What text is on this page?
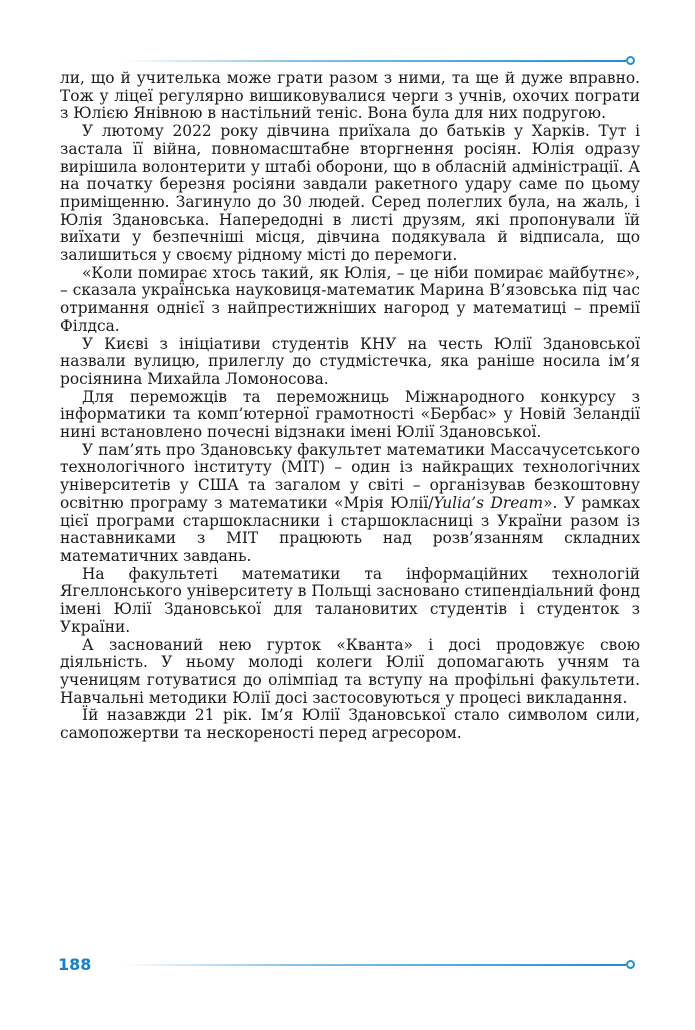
ли, що й учителька може грати разом з ними, та ще й дуже вправно. Тож у ліцеї регулярно вишиковувалися черги з учнів, охочих пограти з Юлією Янівною в настільний теніс. Вона була для них подругою.

У лютому 2022 року дівчина приїхала до батьків у Харків. Тут і застала її війна, повномасштабне вторгнення росіян. Юлія одразу вирішила волонтерити у штабі оборони, що в обласній адміністрації. А на початку березня росіяни завдали ракетного удару саме по цьому приміщенню. Загинуло до 30 людей. Серед полеглих була, на жаль, і Юлія Здановська. Напередодні в листі друзям, які пропонували їй виїхати у безпечніші місця, дівчина подякувала й відписала, що залишиться у своєму рідному місті до перемоги.

«Коли помирає хтось такий, як Юлія, – це ніби помирає майбутнє», – сказала українська науковиця-математик Марина В’язовська під час отримання однієї з найпрестижніших нагород у математиці – премії Філдса.

У Києві з ініціативи студентів КНУ на честь Юлії Здановської назвали вулицю, прилеглу до студмістечка, яка раніше носила ім’я росіянина Михайла Ломоносова.

Для переможців та переможниць Міжнародного конкурсу з інформатики та комп’ютерної грамотності «Бербас» у Новій Зеландії нині встановлено почесні відзнаки імені Юлії Здановської.

У пам’ять про Здановську факультет математики Массачусетського технологічного інституту (MIT) – один із найкращих технологічних університетів у США та загалом у світі – організував безкоштовну освітню програму з математики «Мрія Юлії/Yulia’s Dream». У рамках цієї програми старшокласники і старшокласниці з України разом із наставниками з MIT працюють над розв’язанням складних математичних завдань.

На факультеті математики та інформаційних технологій Ягеллонського університету в Польщі засновано стипендіальний фонд імені Юлії Здановської для талановитих студентів і студенток з України.

А заснований нею гурток «Кванта» і досі продовжує свою діяльність. У ньому молоді колеги Юлії допомагають учням та ученицям готуватися до олімпіад та вступу на профільні факультети. Навчальні методики Юлії досі застосовуються у процесі викладання.

Їй назавжди 21 рік. Ім’я Юлії Здановської стало символом сили, самопожертви та нескореності перед агресором.

188
